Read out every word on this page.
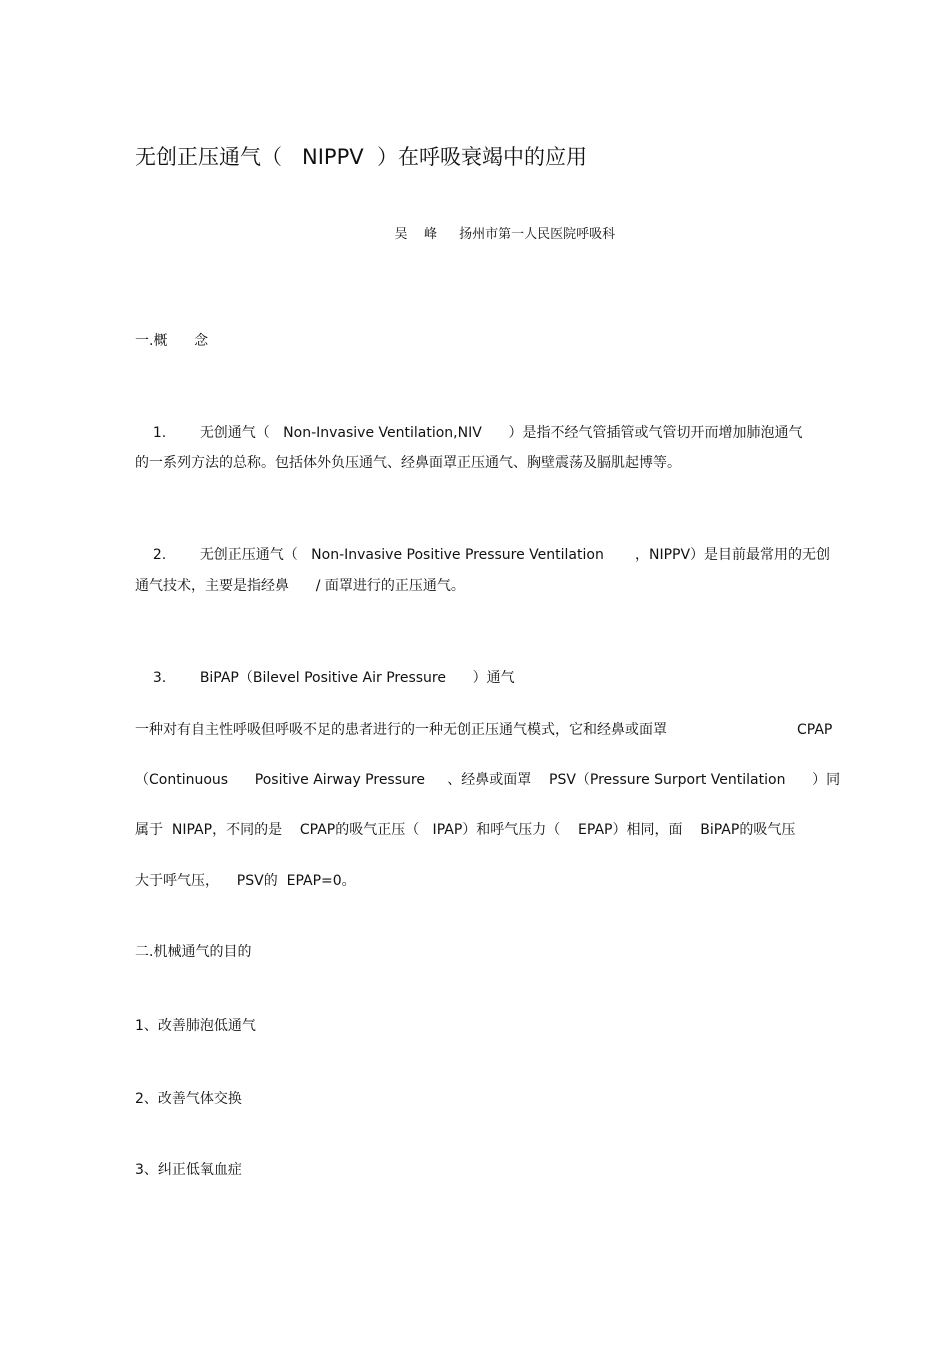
无创正压通气（   NIPPV  ）在呼吸衰竭中的应用

吴    峰 扬州市第一人民医院呼吸科

一.概      念

1. 无创通气（   Non-Invasive Ventilation,NIV      ）是指不经气管插管或气管切开而增加肺泡通气

的一系列方法的总称。包括体外负压通气、经鼻面罩正压通气、胸壁震荡及膈肌起博等。

2. 无创正压通气（   Non-Invasive Positive Pressure Ventilation       ，NIPPV）是目前最常用的无创

通气技术，主要是指经鼻      / 面罩进行的正压通气。

3. BiPAP（Bilevel Positive Air Pressure      ）通气

一种对有自主性呼吸但呼吸不足的患者进行的一种无创正压通气模式，它和经鼻或面罩	CPAP
（Continuous      Positive Airway Pressure     、经鼻或面罩    PSV（Pressure Surport Ventilation      ）同
属于  NIPAP，不同的是    CPAP的吸气正压（   IPAP）和呼气压力（    EPAP）相同，面    BiPAP的吸气压
大于呼气压，    PSV的  EPAP=0。
二.机械通气的目的
1、改善肺泡低通气
2、改善气体交换
3、纠正低氧血症
